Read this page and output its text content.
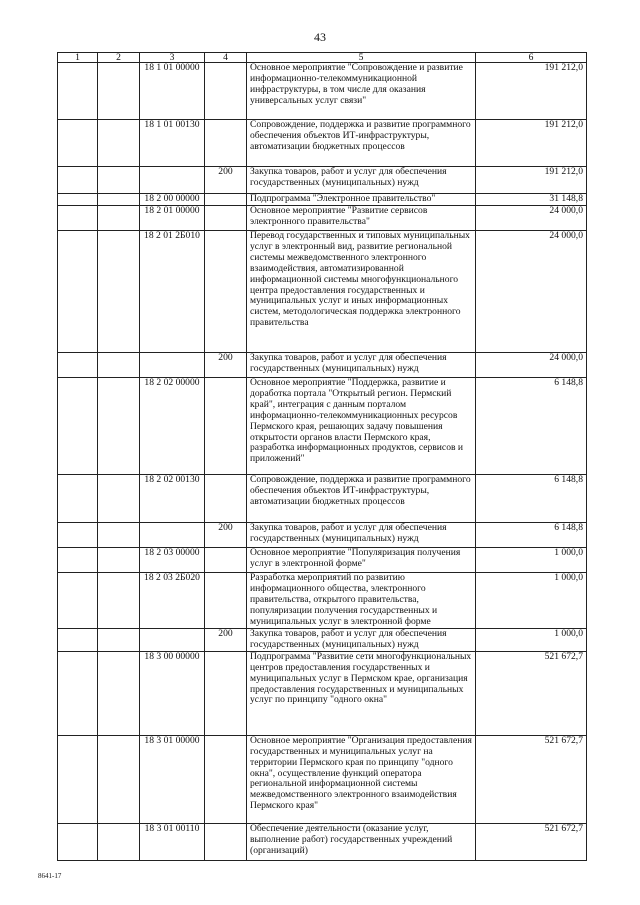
43
1	2	3	4	5	6
		18 1 01 00000		Основное мероприятие "Сопровождение и развитие информационно-телекоммуникационной инфраструктуры, в том числе для оказания универсальных услуг связи"	191 212,0
		18 1 01 00130		Сопровождение, поддержка и развитие программного обеспечения объектов ИТ-инфраструктуры, автоматизации бюджетных процессов	191 212,0
			200	Закупка товаров, работ и услуг для обеспечения государственных (муниципальных) нужд	191 212,0
		18 2 00 00000		Подпрограмма "Электронное правительство"	31 148,8
		18 2 01 00000		Основное мероприятие "Развитие сервисов электронного правительства"	24 000,0
		18 2 01 2Б010		Перевод государственных и типовых муниципальных услуг в электронный вид, развитие региональной системы межведомственного электронного взаимодействия, автоматизированной информационной системы многофункционального центра предоставления государственных и муниципальных услуг и иных информационных систем, методологическая поддержка электронного правительства	24 000,0
			200	Закупка товаров, работ и услуг для обеспечения государственных (муниципальных) нужд	24 000,0
		18 2 02 00000		Основное мероприятие "Поддержка, развитие и доработка портала "Открытый регион. Пермский край", интеграция с данным порталом информационно-телекоммуникационных ресурсов Пермского края, решающих задачу повышения открытости органов власти Пермского края, разработка информационных продуктов, сервисов и приложений"	6 148,8
		18 2 02 00130		Сопровождение, поддержка и развитие программного обеспечения объектов ИТ-инфраструктуры, автоматизации бюджетных процессов	6 148,8
			200	Закупка товаров, работ и услуг для обеспечения государственных (муниципальных) нужд	6 148,8
		18 2 03 00000		Основное мероприятие "Популяризация получения услуг в электронной форме"	1 000,0
		18 2 03 2Б020		Разработка мероприятий по развитию информационного общества, электронного правительства, открытого правительства, популяризации получения государственных и муниципальных услуг в электронной форме	1 000,0
			200	Закупка товаров, работ и услуг для обеспечения государственных (муниципальных) нужд	1 000,0
		18 3 00 00000		Подпрограмма "Развитие сети многофункциональных центров предоставления государственных и муниципальных услуг в Пермском крае, организация предоставления государственных и муниципальных услуг по принципу "одного окна"	521 672,7
		18 3 01 00000		Основное мероприятие "Организация предоставления государственных и муниципальных услуг на территории Пермского края по принципу "одного окна", осуществление функций оператора региональной информационной системы межведомственного электронного взаимодействия Пермского края"	521 672,7
		18 3 01 00110		Обеспечение деятельности (оказание услуг, выполнение работ) государственных учреждений (организаций)	521 672,7
8641-17
